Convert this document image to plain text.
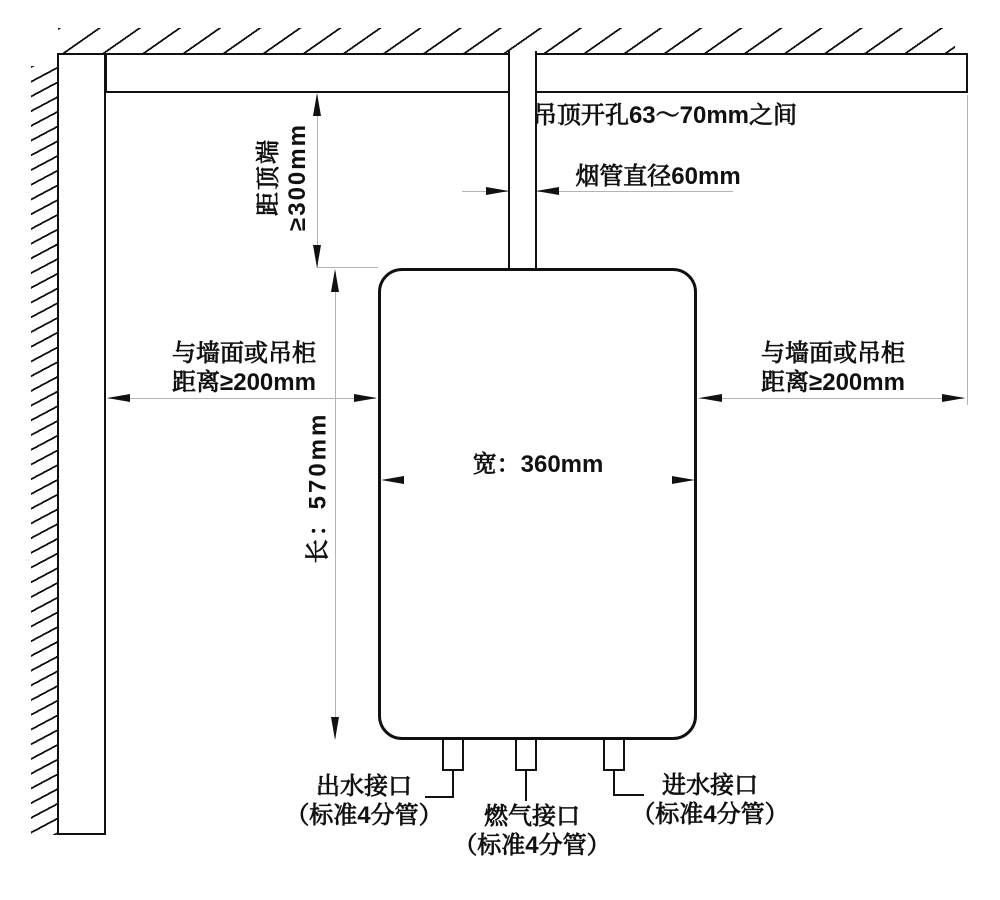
吊顶开孔63～70mm之间
烟管直径60mm
距顶端 ≥300mm
长：570mm
与墙面或吊柜
距离≥200mm
与墙面或吊柜
距离≥200mm
宽：360mm
出水接口
（标准4分管）	燃气接口
（标准4分管）
进水接口
（标准4分管）
